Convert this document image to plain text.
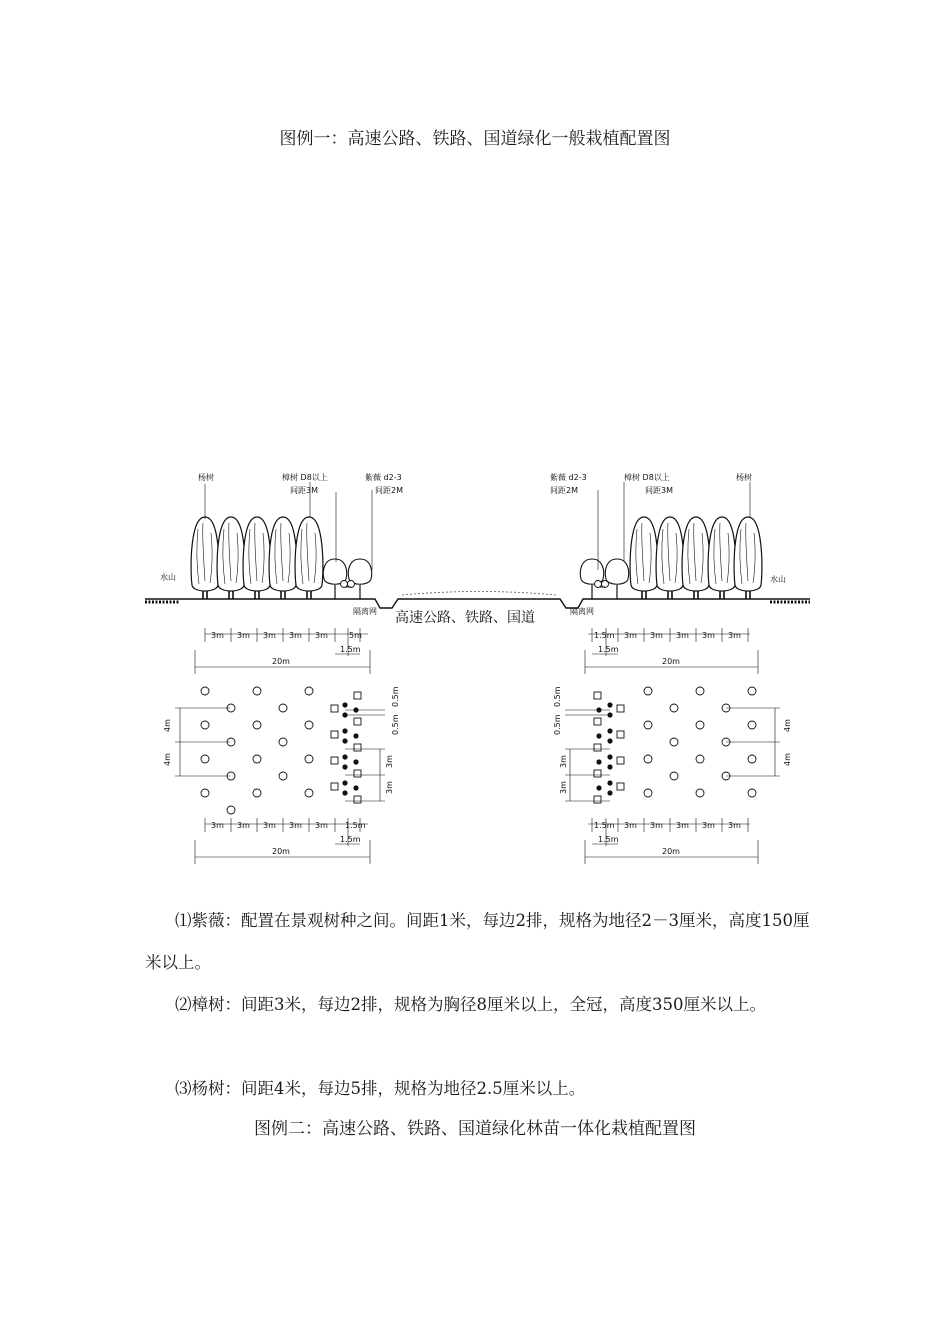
图例一：高速公路、铁路、国道绿化一般栽植配置图
杨树	樟树 D8以上
间距3M
紫薇 d2-3
间距2M
水山
隔离网
紫薇 d2-3
间距2M
樟树 D8以上
间距3M
杨树
水山
隔离网
高速公路、铁路、国道
3m 3m 3m 3m 3m	5m
1.5m
20m
1.5m 3m 3m 3m 3m 3m
1.5m
20m
4m
4m
0.5m
0.5m
3m
3m
3m 3m 3m 3m 3m 1.5m
1.5m
20m
4m
4m
0.5m
0.5m
3m
3m
1.5m 3m 3m 3m 3m 3m
1.5m
20m
⑴紫薇：配置在景观树种之间。间距1米，每边2排，规格为地径2－3厘米，高度150厘米以上。
⑵樟树：间距3米，每边2排，规格为胸径8厘米以上，全冠，高度350厘米以上。
⑶杨树：间距4米，每边5排，规格为地径2.5厘米以上。
图例二：高速公路、铁路、国道绿化林苗一体化栽植配置图
